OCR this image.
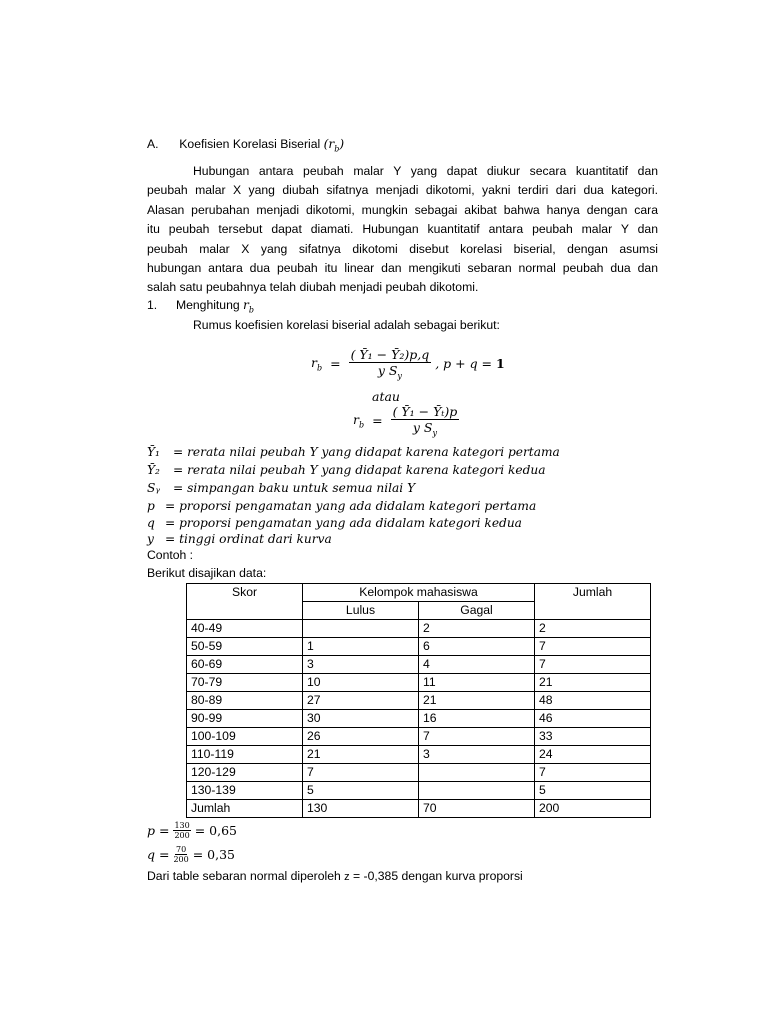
A. Koefisien Korelasi Biserial $(r_b)$
Hubungan antara peubah malar Y yang dapat diukur secara kuantitatif dan
peubah malar X yang diubah sifatnya menjadi dikotomi, yakni terdiri dari dua kategori.
Alasan perubahan menjadi dikotomi, mungkin sebagai akibat bahwa hanya dengan cara
itu peubah tersebut dapat diamati. Hubungan kuantitatif antara peubah malar Y dan
peubah malar X yang sifatnya dikotomi disebut korelasi biserial, dengan asumsi
hubungan antara dua peubah itu linear dan mengikuti sebaran normal peubah dua dan
salah satu peubahnya telah diubah menjadi peubah dikotomi.
1. Menghitung $r_b$
Rumus koefisien korelasi biserial adalah sebagai berikut:
$r_b = \frac{\text{( Ȳ₁ − Ȳ₂)p,q}}{y S_y}$ , p + q = 1
atau
$r_b = \frac{\text{( Ȳ₁ − Ȳₜ)p}}{y S_y}$
Ȳ₁ = rerata nilai peubah Y yang didapat karena kategori pertama
Ȳ₂ = rerata nilai peubah Y yang didapat karena kategori kedua
Sᵧ = simpangan baku untuk semua nilai Y
p = proporsi pengamatan yang ada didalam kategori pertama
q = proporsi pengamatan yang ada didalam kategori kedua
y = tinggi ordinat dari kurva
Contoh :
Berikut disajikan data:
Skor	Kelompok mahasiswa		Jumlah
	Lulus	Gagal	
40-49		2	2
50-59	1	6	7
60-69	3	4	7
70-79	10	11	21
80-89	27	21	48
90-99	30	16	46
100-109	26	7	33
110-119	21	3	24
120-129	7		7
130-139	5		5
Jumlah	130	70	200
$p = \frac{130}{200} = 0,65$
$q = \frac{70}{200} = 0,35$
Dari table sebaran normal diperoleh z = -0,385 dengan kurva proporsi
